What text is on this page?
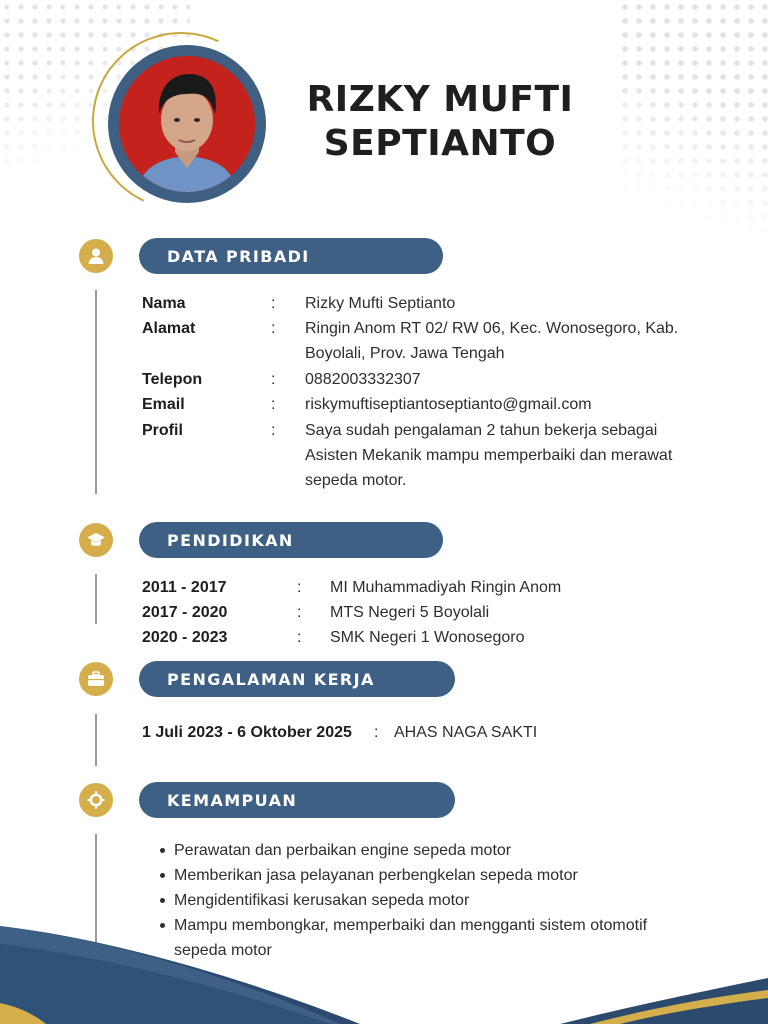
RIZKY MUFTI
SEPTIANTO
DATA PRIBADI
Nama	: Rizky Mufti Septianto
Alamat	: Ringin Anom RT 02/ RW 06, Kec. Wonosegoro, Kab.
Boyolali, Prov. Jawa Tengah
Telepon	: 0882003332307
Email	: riskymuftiseptiantoseptianto@gmail.com
Profil	: Saya sudah pengalaman 2 tahun bekerja sebagai
Asisten Mekanik mampu memperbaiki dan merawat
sepeda motor.
PENDIDIKAN
2011 - 2017	: MI Muhammadiyah Ringin Anom
2017 - 2020	: MTS Negeri 5 Boyolali
2020 - 2023	: SMK Negeri 1 Wonosegoro
PENGALAMAN KERJA
1 Juli 2023 - 6 Oktober 2025 : AHAS NAGA SAKTI
KEMAMPUAN
Perawatan dan perbaikan engine sepeda motor
Memberikan jasa pelayanan perbengkelan sepeda motor
Mengidentifikasi kerusakan sepeda motor
Mampu membongkar, memperbaiki dan mengganti sistem otomotif sepeda motor
